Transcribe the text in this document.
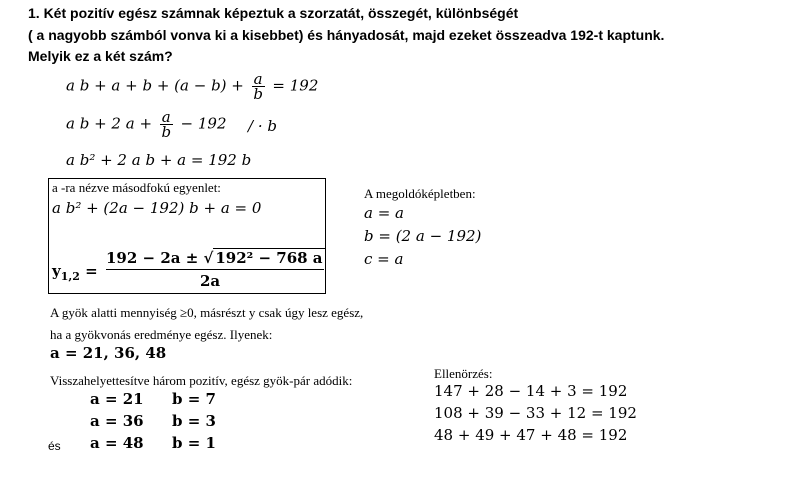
1. Két pozitív egész számnak képeztuk a szorzatát, összegét, különbségét
( a nagyobb számból vonva ki a kisebbet) és hányadosát, majd ezeket összeadva 192-t kaptunk.
Melyik ez a két szám?
a $b + a + b + (a - b) + \frac{a}{b} = 192$
a b + 2 $a + \frac{a}{b} - 192$ / · b
a b² + 2 a b + a = 192 b
a -ra nézve másodfokú egyenlet:
a b² + (2a − 192) b + a = 0
$y_{1,2}$ =
192 − 2a ± √ 192² − 768 a
2a
A megoldóképletben:
a = a
b = (2 a − 192)
c = a
A gyök alatti mennyiség ≥0, másrészt y csak úgy lesz egész,
ha a gyökvonás eredménye egész. Ilyenek:
a = 21, 36, 48
Visszahelyettesítve három pozitív, egész gyök-pár adódik:
a = 21 b = 7
a = 36 b = 3
és a = 48 b = 1
Ellenörzés:
147 + 28 − 14 + 3 = 192
108 + 39 − 33 + 12 = 192
48 + 49 + 47 + 48 = 192
